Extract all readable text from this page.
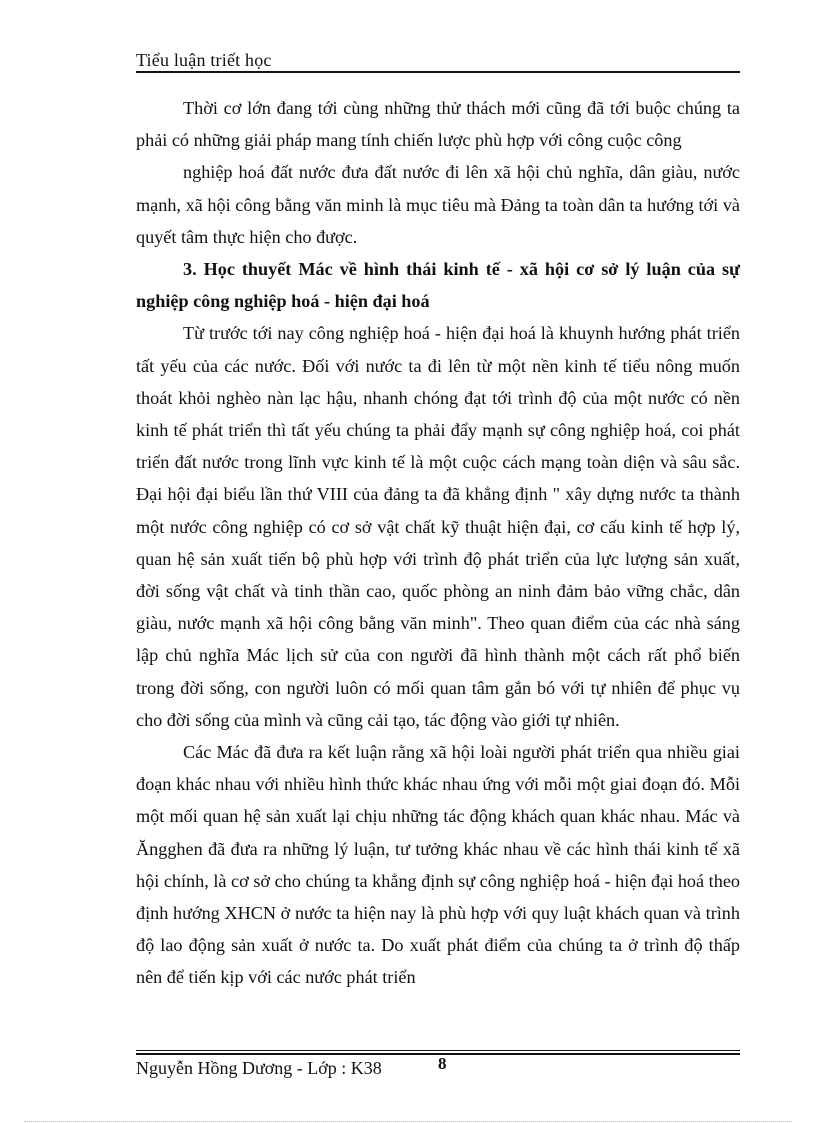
Tiểu luận triết học

Thời cơ lớn đang tới cùng những thử thách mới cũng đã tới buộc chúng ta phải có những giải pháp mang tính chiến lược phù hợp với công cuộc công

nghiệp hoá đất nước đưa đất nước đi lên xã hội chủ nghĩa, dân giàu, nước mạnh, xã hội công bằng văn minh là mục tiêu mà Đảng ta toàn dân ta hướng tới và quyết tâm thực hiện cho được.

3. Học thuyết Mác về hình thái kinh tế - xã hội cơ sở lý luận của sự nghiệp công nghiệp hoá - hiện đại hoá

Từ trước tới nay công nghiệp hoá - hiện đại hoá là khuynh hướng phát triển tất yếu của các nước. Đối với nước ta đi lên từ một nền kinh tế tiểu nông muốn thoát khỏi nghèo nàn lạc hậu, nhanh chóng đạt tới trình độ của một nước có nền kinh tế phát triển thì tất yếu chúng ta phải đẩy mạnh sự công nghiệp hoá, coi phát triển đất nước trong lĩnh vực kinh tế là một cuộc cách mạng toàn diện và sâu sắc. Đại hội đại biểu lần thứ VIII của đảng ta đã khẳng định " xây dựng nước ta thành một nước công nghiệp có cơ sở vật chất kỹ thuật hiện đại, cơ cấu kinh tế hợp lý, quan hệ sản xuất tiến bộ phù hợp với trình độ phát triển của lực lượng sản xuất, đời sống vật chất và tinh thần cao, quốc phòng an ninh đảm bảo vững chắc, dân giàu, nước mạnh xã hội công bằng văn minh". Theo quan điểm của các nhà sáng lập chủ nghĩa Mác lịch sử của con người đã hình thành một cách rất phổ biến trong đời sống, con người luôn có mối quan tâm gắn bó với tự nhiên để phục vụ cho đời sống của mình và cũng cải tạo, tác động vào giới tự nhiên.

Các Mác đã đưa ra kết luận rằng xã hội loài người phát triển qua nhiều giai đoạn khác nhau với nhiều hình thức khác nhau ứng với mỗi một giai đoạn đó. Mỗi một mối quan hệ sản xuất lại chịu những tác động khách quan khác nhau. Mác và Ăngghen đã đưa ra những lý luận, tư tưởng khác nhau về các hình thái kinh tế xã hội chính, là cơ sở cho chúng ta khẳng định sự công nghiệp hoá - hiện đại hoá theo định hướng XHCN ở nước ta hiện nay là phù hợp với quy luật khách quan và trình độ lao động sản xuất ở nước ta. Do xuất phát điểm của chúng ta ở trình độ thấp nên để tiến kịp với các nước phát triển

Nguyễn Hồng Dương - Lớp : K38	8
